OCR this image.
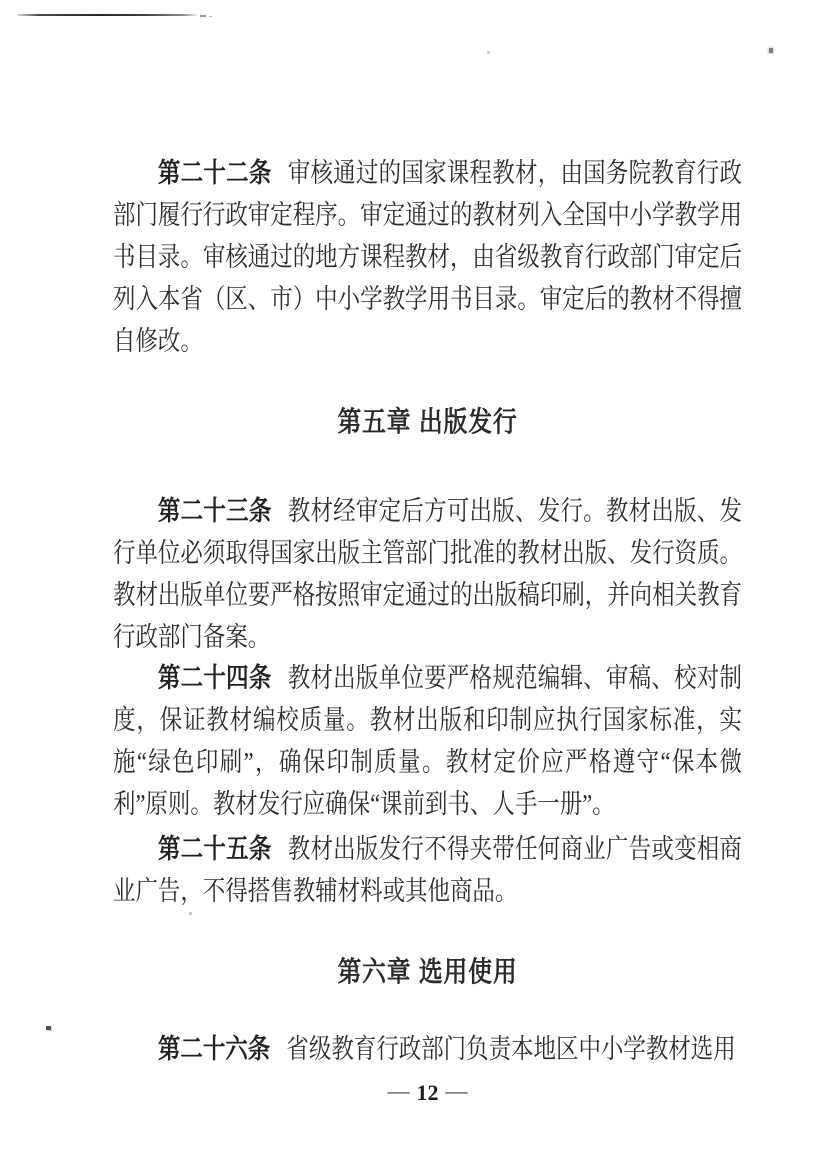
第二十二条 审核通过的国家课程教材，由国务院教育行政部门履行行政审定程序。审定通过的教材列入全国中小学教学用书目录。审核通过的地方课程教材，由省级教育行政部门审定后列入本省（区、市）中小学教学用书目录。审定后的教材不得擅自修改。

第五章 出版发行

第二十三条 教材经审定后方可出版、发行。教材出版、发行单位必须取得国家出版主管部门批准的教材出版、发行资质。教材出版单位要严格按照审定通过的出版稿印刷，并向相关教育行政部门备案。

第二十四条 教材出版单位要严格规范编辑、审稿、校对制度，保证教材编校质量。教材出版和印制应执行国家标准，实施“绿色印刷”，确保印制质量。教材定价应严格遵守“保本微利”原则。教材发行应确保“课前到书、人手一册”。

第二十五条 教材出版发行不得夹带任何商业广告或变相商业广告，不得搭售教辅材料或其他商品。

第六章 选用使用

第二十六条 省级教育行政部门负责本地区中小学教材选用

— 12 —
